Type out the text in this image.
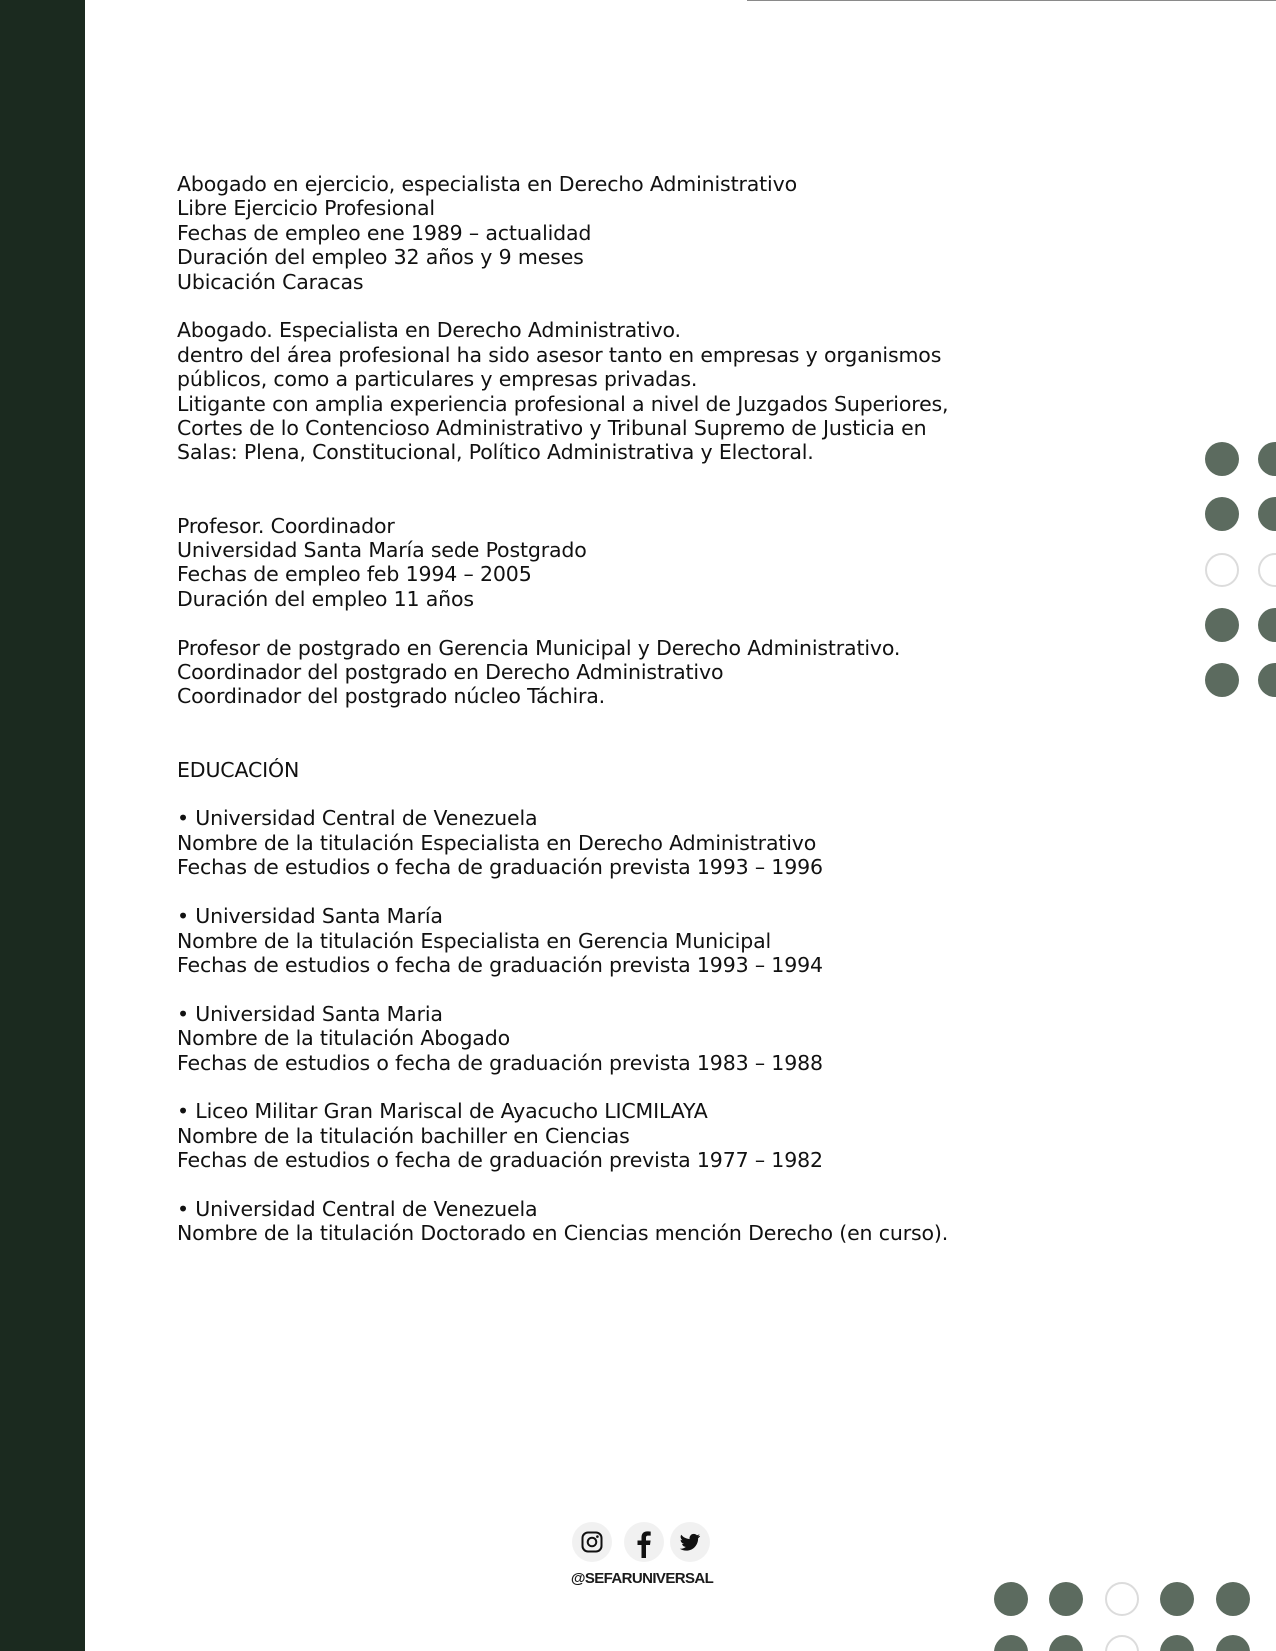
Abogado en ejercicio, especialista en Derecho Administrativo
Libre Ejercicio Profesional
Fechas de empleo ene 1989 – actualidad
Duración del empleo 32 años y 9 meses
Ubicación Caracas
Abogado. Especialista en Derecho Administrativo.
dentro del área profesional ha sido asesor tanto en empresas y organismos
públicos, como a particulares y empresas privadas.
Litigante con amplia experiencia profesional a nivel de Juzgados Superiores,
Cortes de lo Contencioso Administrativo y Tribunal Supremo de Justicia en
Salas: Plena, Constitucional, Político Administrativa y Electoral.
Profesor. Coordinador
Universidad Santa María sede Postgrado
Fechas de empleo feb 1994 – 2005
Duración del empleo 11 años
Profesor de postgrado en Gerencia Municipal y Derecho Administrativo.
Coordinador del postgrado en Derecho Administrativo
Coordinador del postgrado núcleo Táchira.
EDUCACIÓN
• Universidad Central de Venezuela
Nombre de la titulación Especialista en Derecho Administrativo
Fechas de estudios o fecha de graduación prevista 1993 – 1996
• Universidad Santa María
Nombre de la titulación Especialista en Gerencia Municipal
Fechas de estudios o fecha de graduación prevista 1993 – 1994
• Universidad Santa Maria
Nombre de la titulación Abogado
Fechas de estudios o fecha de graduación prevista 1983 – 1988
• Liceo Militar Gran Mariscal de Ayacucho LICMILAYA
Nombre de la titulación bachiller en Ciencias
Fechas de estudios o fecha de graduación prevista 1977 – 1982
• Universidad Central de Venezuela
Nombre de la titulación Doctorado en Ciencias mención Derecho (en curso).
@SEFARUNIVERSAL
